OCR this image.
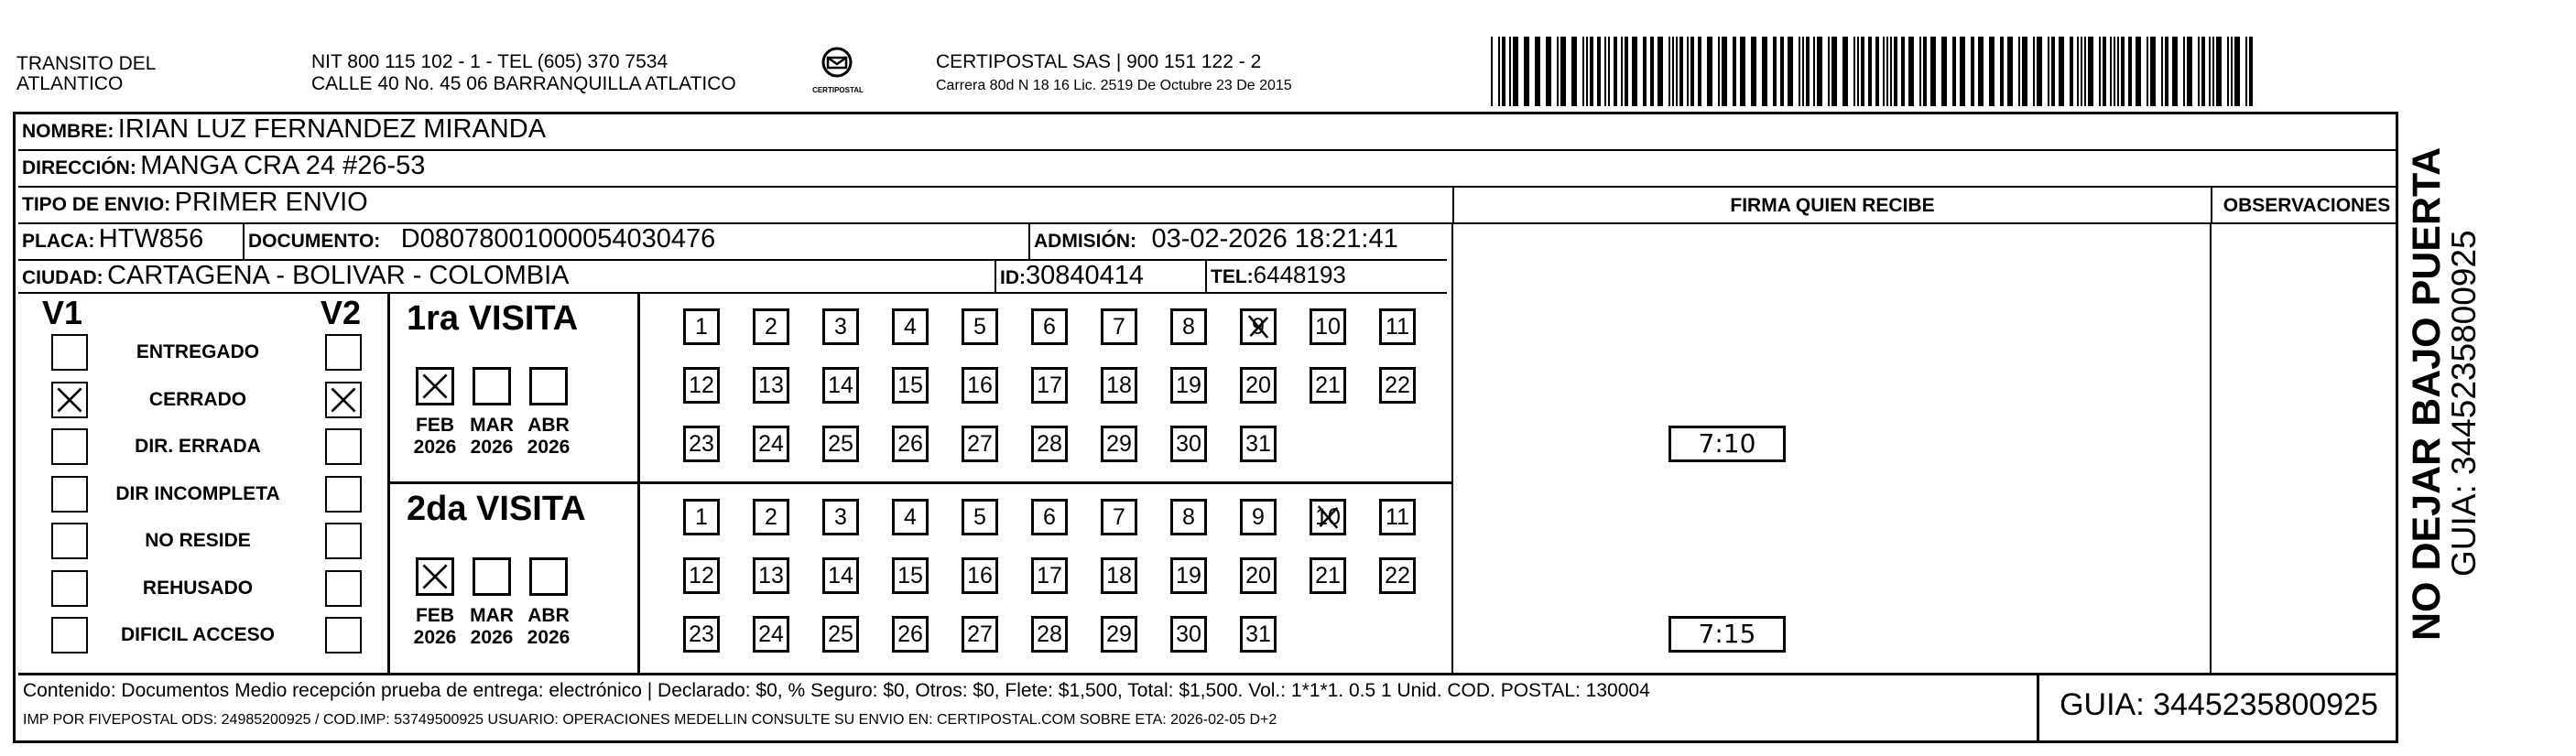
TRANSITO DEL
ATLANTICO
NIT 800 115 102 - 1 - TEL (605) 370 7534
CALLE 40 No. 45 06 BARRANQUILLA ATLATICO	CERTIPOSTAL
CERTIPOSTAL SAS | 900 151 122 - 2
Carrera 80d N 18 16 Lic. 2519 De Octubre 23 De 2015
NOMBRE: IRIAN LUZ FERNANDEZ MIRANDA
DIRECCIÓN: MANGA CRA 24 #26-53
TIPO DE ENVIO: PRIMER ENVIO	FIRMA QUIEN RECIBE	OBSERVACIONES
PLACA: HTW856	DOCUMENTO: D08078001000054030476	ADMISIÓN: 03-02-2026 18:21:41
CIUDAD: CARTAGENA - BOLIVAR - COLOMBIA	ID:30840414	TEL:6448193
V1	V2
ENTREGADO
CERRADO
DIR. ERRADA
DIR INCOMPLETA
NO RESIDE
REHUSADO
DIFICIL ACCESO
1ra VISITA
FEB
2026
MAR
2026
ABR
2026
1	2	3	4	5	6	7	8	9	10 11
12 13 14 15 16 17 18 19 20 21 22
23 24 25 26 27 28 29 30 31	7:10
2da VISITA
FEB
2026
MAR
2026
ABR
2026
1	2	3	4	5	6	7	8	9	10 11
12 13 14 15 16 17 18 19 20 21 22
23 24 25 26 27 28 29 30 31	7:15
Contenido: Documentos Medio recepción prueba de entrega: electrónico | Declarado: $0, % Seguro: $0, Otros: $0, Flete: $1,500, Total: $1,500. Vol.: 1*1*1. 0.5 1 Unid. COD. POSTAL: 130004
IMP POR FIVEPOSTAL ODS: 24985200925 / COD.IMP: 53749500925 USUARIO: OPERACIONES MEDELLIN CONSULTE SU ENVIO EN: CERTIPOSTAL.COM SOBRE ETA: 2026-02-05 D+2	GUIA: 3445235800925
NO DEJAR BAJO PUERTA
GUIA: 3445235800925
